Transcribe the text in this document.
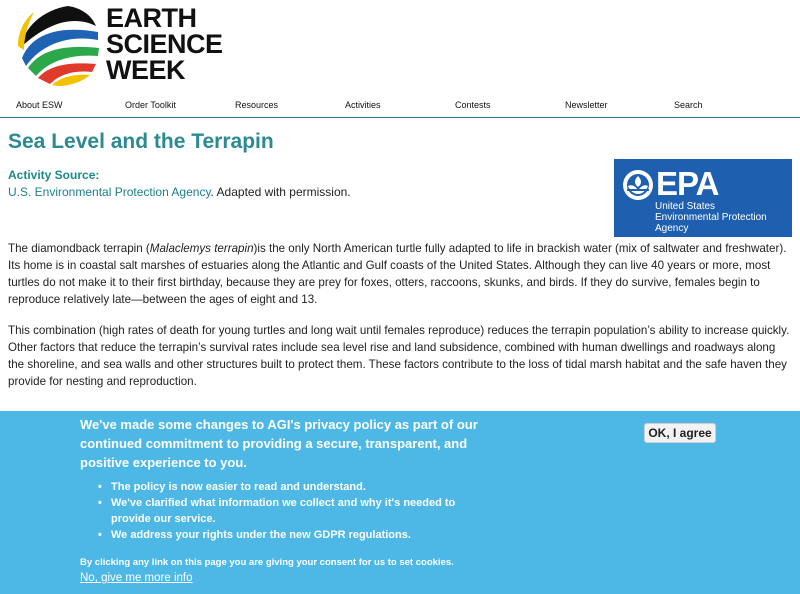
EARTH
SCIENCE
WEEK
About ESW	Order Toolkit	Resources	Activities	Contests	Newsletter	Search
Sea Level and the Terrapin
Activity Source:
U.S. Environmental Protection Agency. Adapted with permission.	EPA
United States
Environmental Protection
Agency

The diamondback terrapin (Malaclemys terrapin)is the only North American turtle fully adapted to life in brackish water (mix of saltwater and freshwater). Its home is in coastal salt marshes of estuaries along the Atlantic and Gulf coasts of the United States. Although they can live 40 years or more, most turtles do not make it to their first birthday, because they are prey for foxes, otters, raccoons, skunks, and birds. If they do survive, females begin to reproduce relatively late—between the ages of eight and 13.

This combination (high rates of death for young turtles and long wait until females reproduce) reduces the terrapin population’s ability to increase quickly. Other factors that reduce the terrapin’s survival rates include sea level rise and land subsidence, combined with human dwellings and roadways along the shoreline, and sea walls and other structures built to protect them. These factors contribute to the loss of tidal marsh habitat and the safe haven they provide for nesting and reproduction.

We've made some changes to AGI's privacy policy as part of our continued commitment to providing a secure, transparent, and positive experience to you.
• The policy is now easier to read and understand.
• We've clarified what information we collect and why it's needed to
provide our service.
• We address your rights under the new GDPR regulations.
By clicking any link on this page you are giving your consent for us to set cookies.
No, give me more info
OK, I agree
